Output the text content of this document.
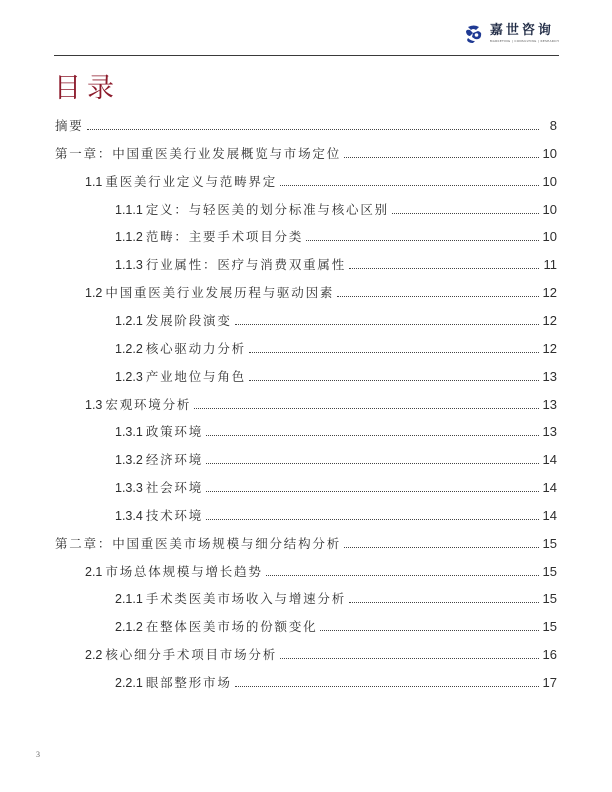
嘉世咨询
MARKETING | CONSULTING | RESEARCH
目录
摘要	8
第一章：中国重医美行业发展概览与市场定位	10
1.1 重医美行业定义与范畴界定	10
1.1.1 定义：与轻医美的划分标准与核心区别	10
1.1.2 范畴：主要手术项目分类	10
1.1.3 行业属性：医疗与消费双重属性	11
1.2 中国重医美行业发展历程与驱动因素	12
1.2.1 发展阶段演变	12
1.2.2 核心驱动力分析	12
1.2.3 产业地位与角色	13
1.3 宏观环境分析	13
1.3.1 政策环境	13
1.3.2 经济环境	14
1.3.3 社会环境	14
1.3.4 技术环境	14
第二章：中国重医美市场规模与细分结构分析	15
2.1 市场总体规模与增长趋势	15
2.1.1 手术类医美市场收入与增速分析	15
2.1.2 在整体医美市场的份额变化	15
2.2 核心细分手术项目市场分析	16
2.2.1 眼部整形市场	17
3
